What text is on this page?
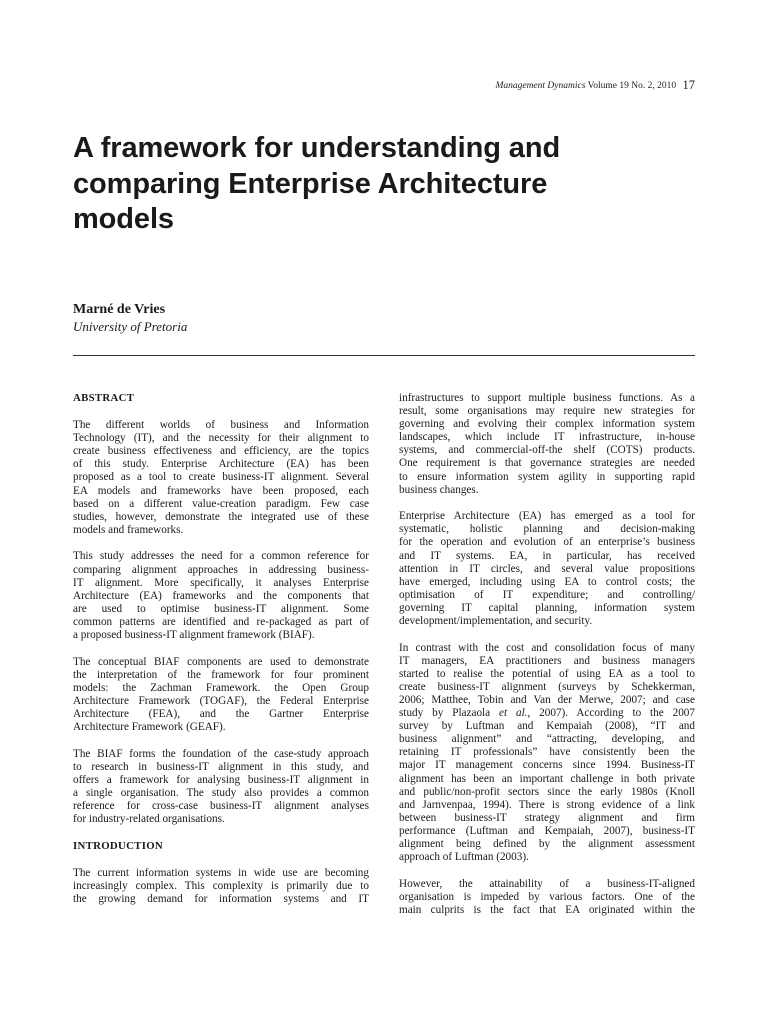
Management Dynamics Volume 19 No. 2, 2010 17
A framework for understanding and
comparing Enterprise Architecture
models
Marné de Vries
University of Pretoria

ABSTRACT

The different worlds of business and Information
Technology (IT), and the necessity for their alignment to
create business effectiveness and efficiency, are the topics
of this study. Enterprise Architecture (EA) has been
proposed as a tool to create business-IT alignment. Several
EA models and frameworks have been proposed, each
based on a different value-creation paradigm. Few case
studies, however, demonstrate the integrated use of these
models and frameworks.

This study addresses the need for a common reference for
comparing alignment approaches in addressing business-
IT alignment. More specifically, it analyses Enterprise
Architecture (EA) frameworks and the components that
are used to optimise business-IT alignment. Some
common patterns are identified and re-packaged as part of
a proposed business-IT alignment framework (BIAF).

The conceptual BIAF components are used to demonstrate
the interpretation of the framework for four prominent
models: the Zachman Framework. the Open Group
Architecture Framework (TOGAF), the Federal Enterprise
Architecture (FEA), and the Gartner Enterprise
Architecture Framework (GEAF).

The BIAF forms the foundation of the case-study approach
to research in business-IT alignment in this study, and
offers a framework for analysing business-IT alignment in
a single organisation. The study also provides a common
reference for cross-case business-IT alignment analyses
for industry-related organisations.

INTRODUCTION

The current information systems in wide use are becoming
increasingly complex. This complexity is primarily due to
the growing demand for information systems and IT

infrastructures to support multiple business functions. As a
result, some organisations may require new strategies for
governing and evolving their complex information system
landscapes, which include IT infrastructure, in-house
systems, and commercial-off-the shelf (COTS) products.
One requirement is that governance strategies are needed
to ensure information system agility in supporting rapid
business changes.

Enterprise Architecture (EA) has emerged as a tool for
systematic, holistic planning and decision-making
for the operation and evolution of an enterprise’s business
and IT systems. EA, in particular, has received
attention in IT circles, and several value propositions
have emerged, including using EA to control costs; the
optimisation of IT expenditure; and controlling/
governing IT capital planning, information system
development/implementation, and security.

In contrast with the cost and consolidation focus of many
IT managers, EA practitioners and business managers
started to realise the potential of using EA as a tool to
create business-IT alignment (surveys by Schekkerman,
2006; Matthee, Tobin and Van der Merwe, 2007; and case
study by Plazaola et al., 2007). According to the 2007
survey by Luftman and Kempaiah (2008), “IT and
business alignment” and “attracting, developing, and
retaining IT professionals” have consistently been the
major IT management concerns since 1994. Business-IT
alignment has been an important challenge in both private
and public/non-profit sectors since the early 1980s (Knoll
and Jarnvenpaa, 1994). There is strong evidence of a link
between business-IT strategy alignment and firm
performance (Luftman and Kempaiah, 2007), business-IT
alignment being defined by the alignment assessment
approach of Luftman (2003).

However, the attainability of a business-IT-aligned
organisation is impeded by various factors. One of the
main culprits is the fact that EA originated within the
